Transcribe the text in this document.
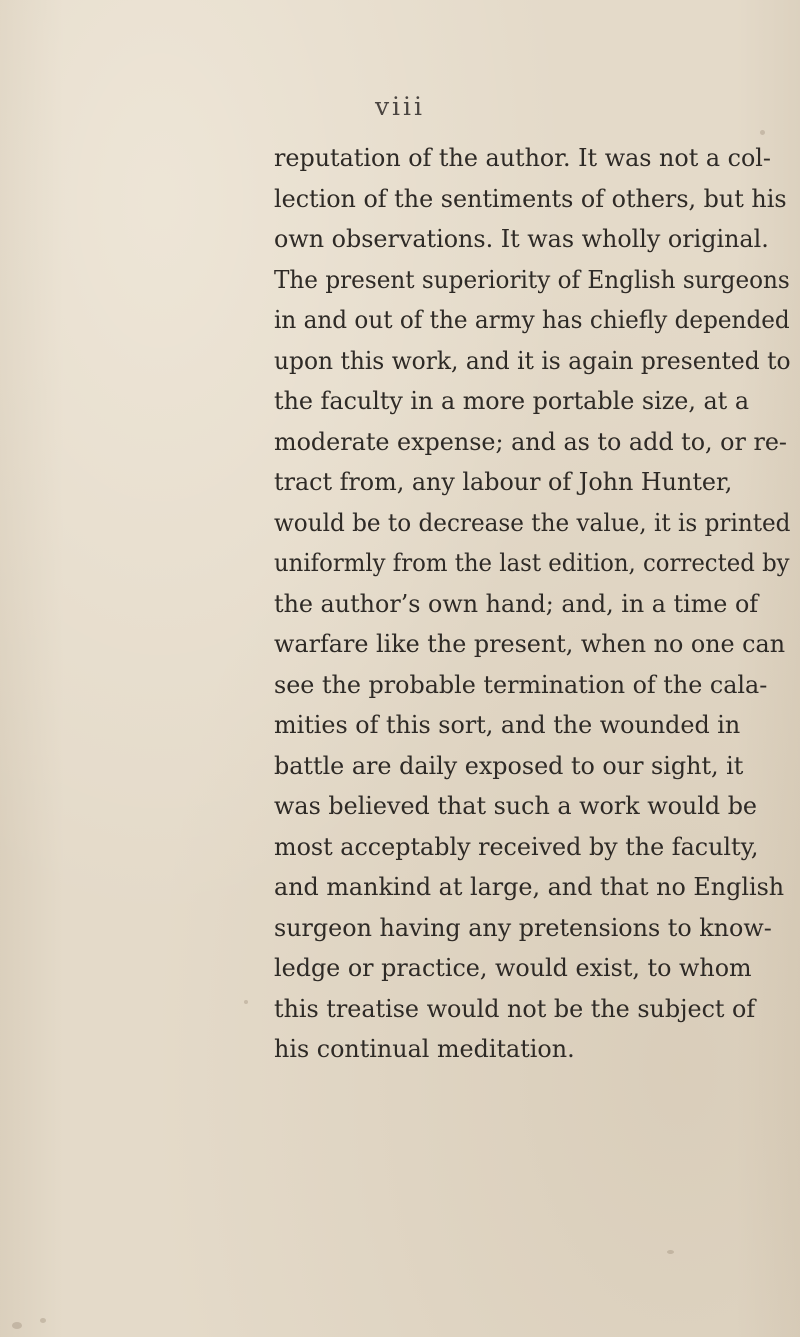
viii
reputation of the author. It was not a col-
lection of the sentiments of others, but his
own observations. It was wholly original.
The present superiority of English surgeons
in and out of the army has chiefly depended
upon this work, and it is again presented to
the faculty in a more portable size, at a
moderate expense; and as to add to, or re-
tract from, any labour of John Hunter,
would be to decrease the value, it is printed
uniformly from the last edition, corrected by
the author’s own hand; and, in a time of
warfare like the present, when no one can
see the probable termination of the cala-
mities of this sort, and the wounded in
battle are daily exposed to our sight, it
was believed that such a work would be
most acceptably received by the faculty,
and mankind at large, and that no English
surgeon having any pretensions to know-
ledge or practice, would exist, to whom
this treatise would not be the subject of
his continual meditation.
